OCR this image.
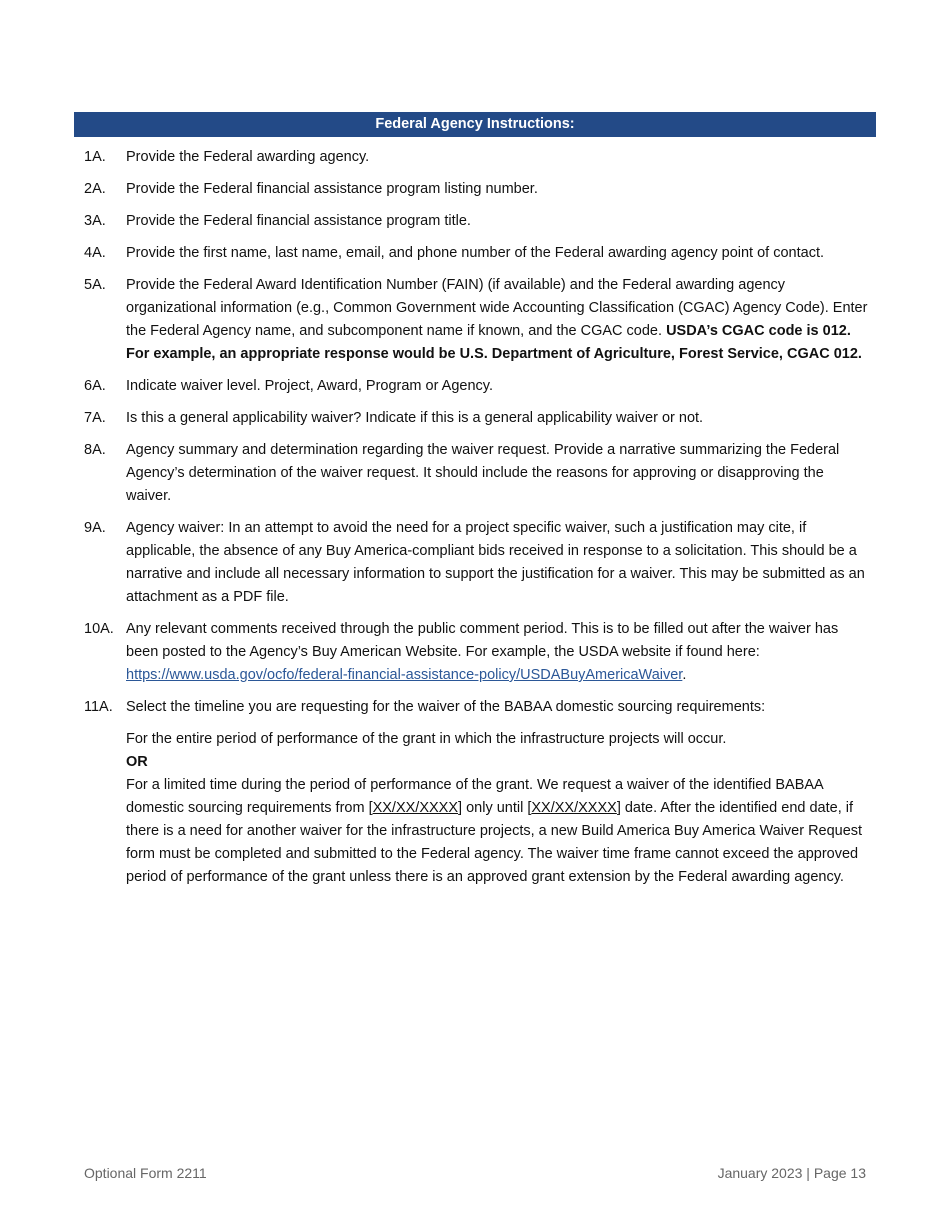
Federal Agency Instructions:
1A.	Provide the Federal awarding agency.
2A.	Provide the Federal financial assistance program listing number.
3A.	Provide the Federal financial assistance program title.
4A.	Provide the first name, last name, email, and phone number of the Federal awarding agency point of contact.
5A.	Provide the Federal Award Identification Number (FAIN) (if available) and the Federal awarding agency organizational information (e.g., Common Government wide Accounting Classification (CGAC) Agency Code). Enter the Federal Agency name, and subcomponent name if known, and the CGAC code. USDA’s CGAC code is 012. For example, an appropriate response would be U.S. Department of Agriculture, Forest Service, CGAC 012.
6A.	Indicate waiver level. Project, Award, Program or Agency.
7A.	Is this a general applicability waiver? Indicate if this is a general applicability waiver or not.
8A.	Agency summary and determination regarding the waiver request. Provide a narrative summarizing the Federal Agency’s determination of the waiver request. It should include the reasons for approving or disapproving the waiver.
9A.	Agency waiver: In an attempt to avoid the need for a project specific waiver, such a justification may cite, if applicable, the absence of any Buy America-compliant bids received in response to a solicitation. This should be a narrative and include all necessary information to support the justification for a waiver. This may be submitted as an attachment as a PDF file.
10A. Any relevant comments received through the public comment period. This is to be filled out after the waiver has been posted to the Agency’s Buy American Website. For example, the USDA website if found here: https://www.usda.gov/ocfo/federal-financial-assistance-policy/USDABuyAmericaWaiver.
11A. Select the timeline you are requesting for the waiver of the BABAA domestic sourcing requirements:
For the entire period of performance of the grant in which the infrastructure projects will occur.
OR
For a limited time during the period of performance of the grant. We request a waiver of the identified BABAA domestic sourcing requirements from [XX/XX/XXXX] only until [XX/XX/XXXX] date. After the identified end date, if there is a need for another waiver for the infrastructure projects, a new Build America Buy America Waiver Request form must be completed and submitted to the Federal agency. The waiver time frame cannot exceed the approved period of performance of the grant unless there is an approved grant extension by the Federal awarding agency.
Optional Form 2211	January 2023 | Page 13
